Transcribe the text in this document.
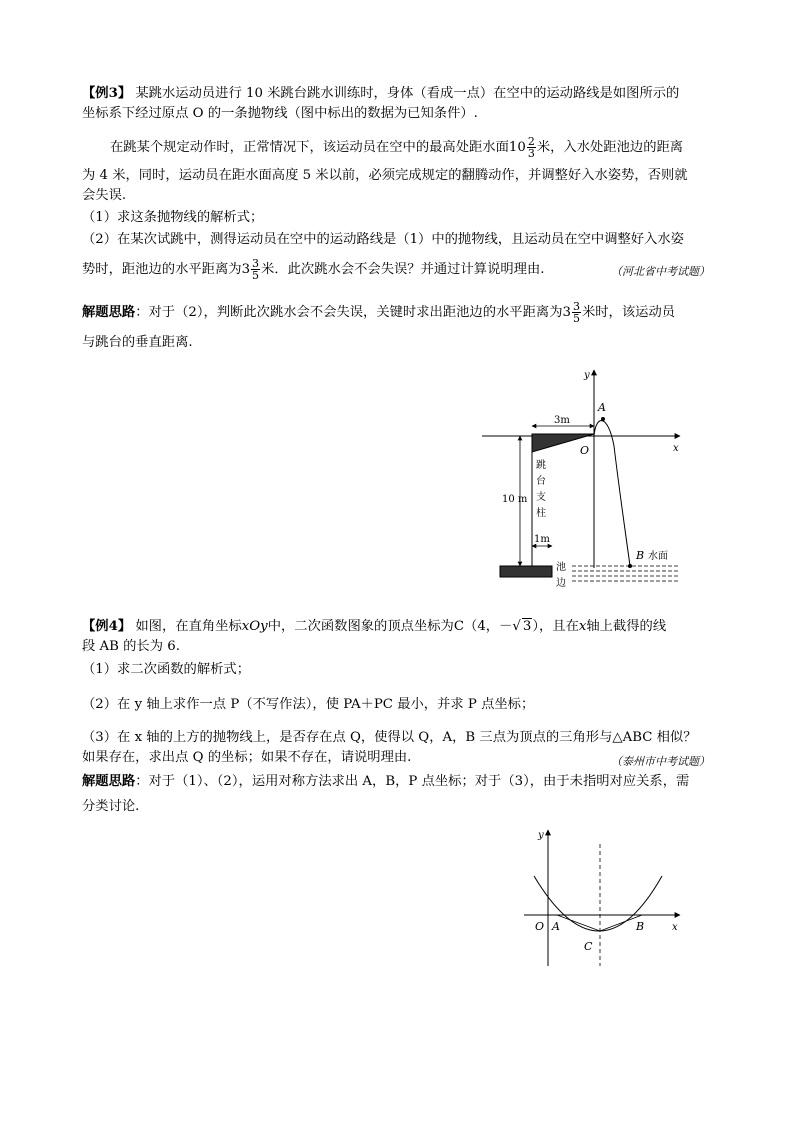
【例3】 某跳水运动员进行 10 米跳台跳水训练时，身体（看成一点）在空中的运动路线是如图所示的
坐标系下经过原点 O 的一条抛物线（图中标出的数据为已知条件）.
在跳某个规定动作时，正常情况下，该运动员在空中的最高处距水面$10 \frac{2}{3}$ 米，入水处距池边的距离
为 4 米，同时，运动员在距水面高度 5 米以前，必须完成规定的翻腾动作，并调整好入水姿势，否则就
会失误.
（1）求这条抛物线的解析式；
（2）在某次试跳中，测得运动员在空中的运动路线是（1）中的抛物线，且运动员在空中调整好入水姿
势时，距池边的水平距离为$3 \frac{3}{5}$ 米．此次跳水会不会失误？并通过计算说明理由.	（河北省中考试题）
解题思路：对于（2），判断此次跳水会不会失误，关键时求出距池边的水平距离为$3 \frac{3}{5}$ 米时，该运动员
与跳台的垂直距离.
y
x
3m
10 m
跳
台
支
柱
1m
池
边
A
O
B 水面
【例4】 如图，在直角坐标xOy中，二次函数图象的顶点坐标为C（4，－√ 3），且在x轴上截得的线
段 AB 的长为 6.
（1）求二次函数的解析式；
（2）在 y 轴上求作一点 P（不写作法），使 PA＋PC 最小，并求 P 点坐标；
（3）在 x 轴的上方的抛物线上，是否存在点 Q，使得以 Q，A，B 三点为顶点的三角形与△ABC 相似？
如果存在，求出点 Q 的坐标；如果不存在，请说明理由.	（泰州市中考试题）
解题思路：对于（1）、（2），运用对称方法求出 A，B，P 点坐标；对于（3），由于未指明对应关系，需
分类讨论.
y
x
O A	B
C
